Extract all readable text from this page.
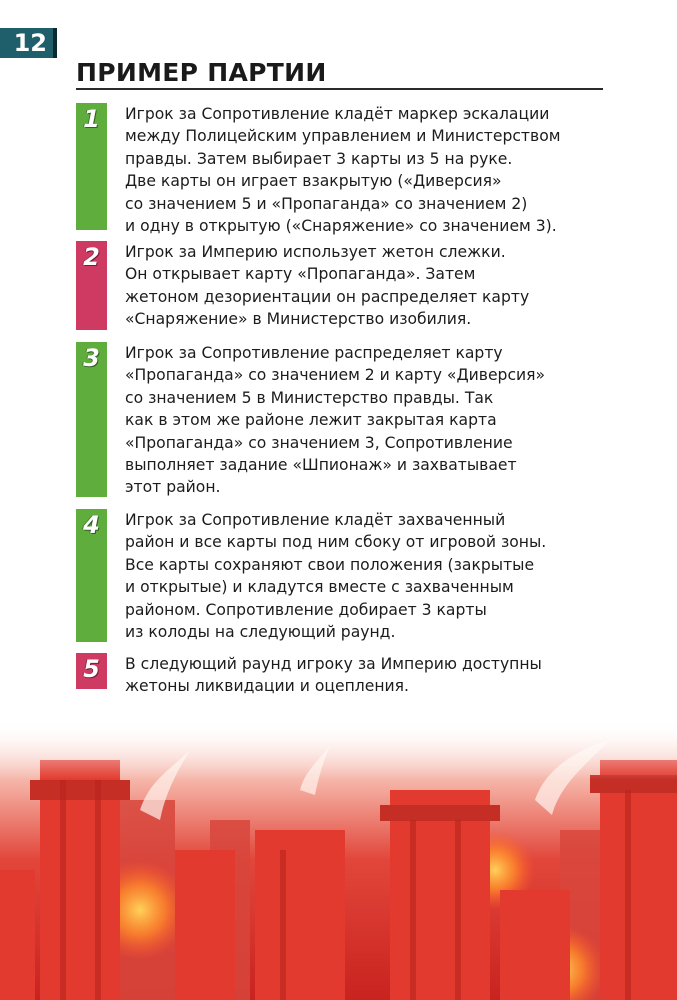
12
ПРИМЕР ПАРТИИ
1	Игрок за Сопротивление кладёт маркер эскалации
между Полицейским управлением и Министерством
правды. Затем выбирает 3 карты из 5 на руке.
Две карты он играет взакрытую («Диверсия»
со значением 5 и «Пропаганда» со значением 2)
и одну в открытую («Снаряжение» со значением 3).
2	Игрок за Империю использует жетон слежки.
Он открывает карту «Пропаганда». Затем
жетоном дезориентации он распределяет карту
«Снаряжение» в Министерство изобилия.
3	Игрок за Сопротивление распределяет карту
«Пропаганда» со значением 2 и карту «Диверсия»
со значением 5 в Министерство правды. Так
как в этом же районе лежит закрытая карта
«Пропаганда» со значением 3, Сопротивление
выполняет задание «Шпионаж» и захватывает
этот район.
4	Игрок за Сопротивление кладёт захваченный
район и все карты под ним сбоку от игровой зоны.
Все карты сохраняют свои положения (закрытые
и открытые) и кладутся вместе с захваченным
районом. Сопротивление добирает 3 карты
из колоды на следующий раунд.
5	В следующий раунд игроку за Империю доступны
жетоны ликвидации и оцепления.
